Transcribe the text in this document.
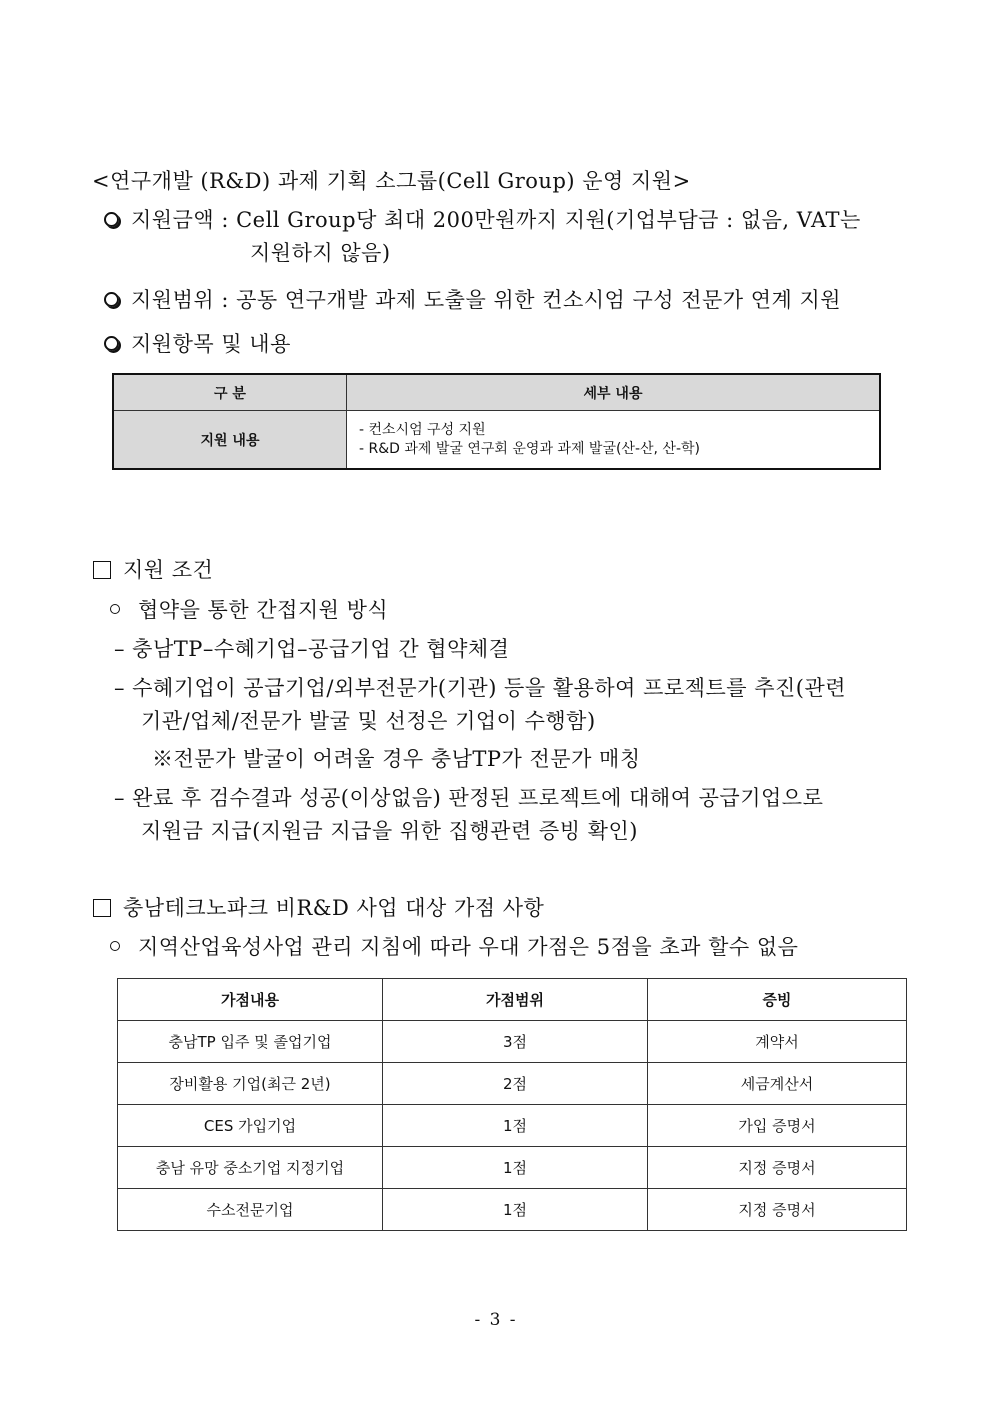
<연구개발 (R&D) 과제 기획 소그룹(Cell Group) 운영 지원>
지원금액 : Cell Group당 최대 200만원까지 지원(기업부담금 : 없음, VAT는
지원하지 않음)
지원범위 : 공동 연구개발 과제 도출을 위한 컨소시엄 구성 전문가 연계 지원
지원항목 및 내용
구 분	세부 내용
지원 내용	- 컨소시엄 구성 지원
- R&D 과제 발굴 연구회 운영과 과제 발굴(산-산, 산-학)
지원 조건
협약을 통한 간접지원 방식
– 충남TP–수혜기업–공급기업 간 협약체결
– 수혜기업이 공급기업/외부전문가(기관) 등을 활용하여 프로젝트를 추진(관련
기관/업체/전문가 발굴 및 선정은 기업이 수행함)
※전문가 발굴이 어려울 경우 충남TP가 전문가 매칭
– 완료 후 검수결과 성공(이상없음) 판정된 프로젝트에 대해여 공급기업으로
지원금 지급(지원금 지급을 위한 집행관련 증빙 확인)
충남테크노파크 비R&D 사업 대상 가점 사항
지역산업육성사업 관리 지침에 따라 우대 가점은 5점을 초과 할수 없음
가점내용	가점범위	증빙
충남TP 입주 및 졸업기업	3점	계약서
장비활용 기업(최근 2년)	2점	세금계산서
CES 가입기업	1점	가입 증명서
충남 유망 중소기업 지정기업	1점	지정 증명서
수소전문기업	1점	지정 증명서
- 3 -
